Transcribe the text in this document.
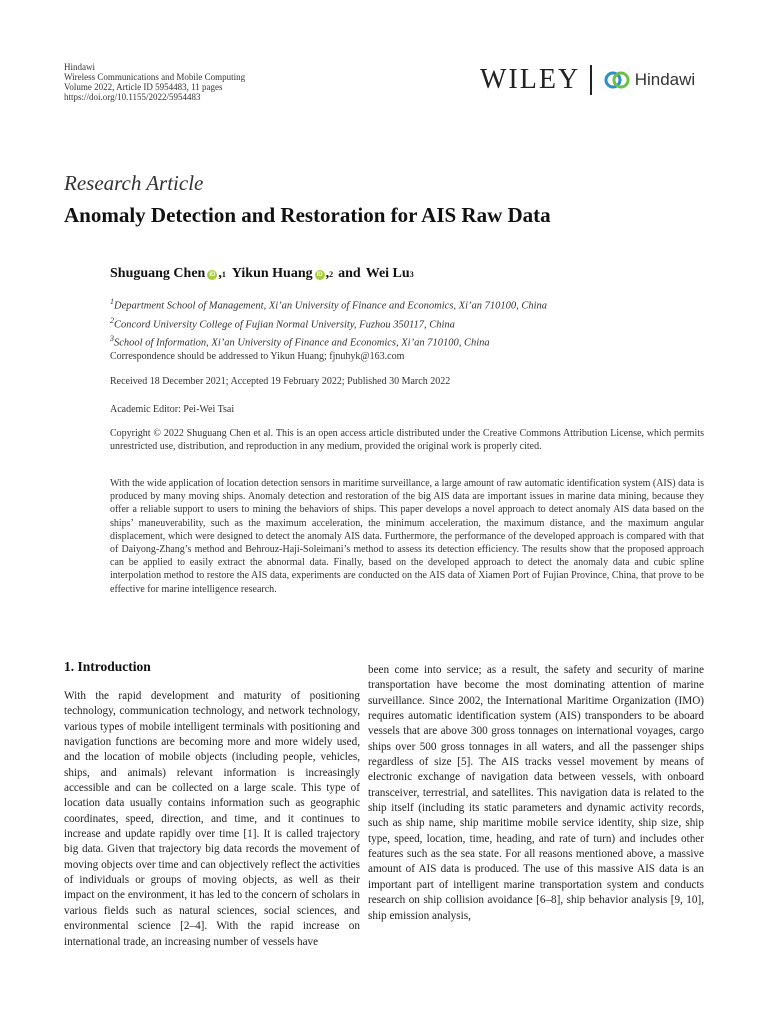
Hindawi
Wireless Communications and Mobile Computing
Volume 2022, Article ID 5954483, 11 pages
https://doi.org/10.1155/2022/5954483
WILEY	Hindawi
Research Article
Anomaly Detection and Restoration for AIS Raw Data
Shuguang Chen iD , 1 Yikun Huang iD , 2 and Wei Lu 3
$^1$Department School of Management, Xi’an University of Finance and Economics, Xi’an 710100, China
$^2$Concord University College of Fujian Normal University, Fuzhou 350117, China
$^3$School of Information, Xi’an University of Finance and Economics, Xi’an 710100, China
Correspondence should be addressed to Yikun Huang; fjnuhyk@163.com
Received 18 December 2021; Accepted 19 February 2022; Published 30 March 2022
Academic Editor: Pei-Wei Tsai
Copyright © 2022 Shuguang Chen et al. This is an open access article distributed under the Creative Commons Attribution License, which permits unrestricted use, distribution, and reproduction in any medium, provided the original work is properly cited.
With the wide application of location detection sensors in maritime surveillance, a large amount of raw automatic identification system (AIS) data is produced by many moving ships. Anomaly detection and restoration of the big AIS data are important issues in marine data mining, because they offer a reliable support to users to mining the behaviors of ships. This paper develops a novel approach to detect anomaly AIS data based on the ships’ maneuverability, such as the maximum acceleration, the minimum acceleration, the maximum distance, and the maximum angular displacement, which were designed to detect the anomaly AIS data. Furthermore, the performance of the developed approach is compared with that of Daiyong-Zhang’s method and Behrouz-Haji-Soleimani’s method to assess its detection efficiency. The results show that the proposed approach can be applied to easily extract the abnormal data. Finally, based on the developed approach to detect the anomaly data and cubic spline interpolation method to restore the AIS data, experiments are conducted on the AIS data of Xiamen Port of Fujian Province, China, that prove to be effective for marine intelligence research.
1. Introduction
With the rapid development and maturity of positioning technology, communication technology, and network technology, various types of mobile intelligent terminals with positioning and navigation functions are becoming more and more widely used, and the location of mobile objects (including people, vehicles, ships, and animals) relevant information is increasingly accessible and can be collected on a large scale. This type of location data usually contains information such as geographic coordinates, speed, direction, and time, and it continues to increase and update rapidly over time [1]. It is called trajectory big data. Given that trajectory big data records the movement of moving objects over time and can objectively reflect the activities of individuals or groups of moving objects, as well as their impact on the environment, it has led to the concern of scholars in various fields such as natural sciences, social sciences, and environmental science [2–4]. With the rapid increase on international trade, an increasing number of vessels have
been come into service; as a result, the safety and security of marine transportation have become the most dominating attention of marine surveillance. Since 2002, the International Maritime Organization (IMO) requires automatic identification system (AIS) transponders to be aboard vessels that are above 300 gross tonnages on international voyages, cargo ships over 500 gross tonnages in all waters, and all the passenger ships regardless of size [5]. The AIS tracks vessel movement by means of electronic exchange of navigation data between vessels, with onboard transceiver, terrestrial, and satellites. This navigation data is related to the ship itself (including its static parameters and dynamic activity records, such as ship name, ship maritime mobile service identity, ship size, ship type, speed, location, time, heading, and rate of turn) and includes other features such as the sea state. For all reasons mentioned above, a massive amount of AIS data is produced. The use of this massive AIS data is an important part of intelligent marine transportation system and conducts research on ship collision avoidance [6–8], ship behavior analysis [9, 10], ship emission analysis,
